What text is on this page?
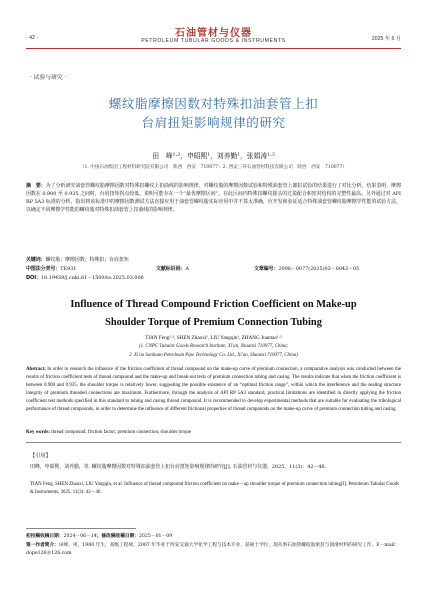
· 42 ·	石油管材与仪器
PETROLEUM TUBULAR GOODS & INSTRUMENTS	2025 年 6 月
· 试验与研究 ·
螺纹脂摩擦因数对特殊扣油套管上扣
台肩扭矩影响规律的研究
田　峰¹·²，申昭熙¹，刘养勤¹，张娟涛¹·²
（1. 中国石油集团工程材料研究院有限公司　陕西　西安　710077；2. 西安三环石油管材科技有限公司　陕西　西安　710077）
摘　要：为了分析研究油套管螺纹脂摩擦因数对特殊扣螺纹上扣曲线的影响规律，对螺纹脂的摩擦因数试验和特殊油套管上卸扣试验的结果进行了对比分析。结果表明，摩擦因数在 0.900 至 0.935 之间时，台肩扭矩拐点较低，说明可能存在一个“最优摩擦区间”。在此区间内特殊扣螺纹接头的过盈配合和密封结构的完整性最高。另外通过对 API RP 5A3 标准的分析，指出将该标准中的摩擦因数测试方法直接应用于油套管螺纹脂实际应用中并不算太准确，应开发和验证适合特殊油套管螺纹脂摩擦学性能的试验方法，以确定不同摩擦学性能的螺纹脂对特殊扣油套管上扣曲线的影响规律。
关键词：螺纹脂；摩擦因数；特殊扣；台肩扭矩
中图法分类号：TE931	文献标识码：A	文章编号：2096－0077(2025)03－0042－05
DOI：10.19459/j.cnki.61－1500/te.2025.03.006
Influence of Thread Compound Friction Coefficient on Make-up
Shoulder Torque of Premium Connection Tubing
TIAN Feng¹·², SHEN Zhaoxi¹, LIU Yangqin¹, ZHANG Juantao¹·²
(1. CNPC Tubular Goods Research Institute, Xi′an, Shaanxi 710077, China;
2. Xi′an Sanhuan Petroleum Pipe Technology Co. Ltd., Xi′an, Shaanxi 710077, China)
Abstract: In order to research the influence of the friction coefficient of thread compound on the make-up curve of premium connection, a comparative analysis was conducted between the results of friction coefficient tests of thread compound and the make-up and break-out tests of premium connection tubing and casing. The results indicate that when the friction coefficient is between 0.900 and 0.935, the shoulder torque is relatively lower, suggesting the possible existence of an “optimal friction range”, within which the interference and the sealing structure integrity of premium threaded connections are maximum. Furthermore, through the analysis of API RP 5A3 standard, practical limitations are identified in directly applying the friction coefficient test methods specified in this standard to tubing and casing thread compound. It is recommended to develop experimental methods that are suitable for evaluating the tribological performance of thread compounds, in order to determine the influence of different frictional properties of thread compounds on the make-up curve of premium connection tubing and casing.
Key words: thread compound; friction factor; premium connection; shoulder torque
【引用】
田峰，申昭熙，刘养勤，等. 螺纹脂摩擦因数对特殊扣油套管上扣台肩扭矩影响规律的研究[J]. 石油管材与仪器，2025，11(3)：42－46.
TIAN Feng, SHEN Zhaoxi, LIU Yangqin, et al. Influence of thread compound friction coefficient on make－up shoulder torque of premium connection tubing[J]. Petroleum Tubular Goods & Instruments, 2025, 11(3): 42－46.
初投稿收稿日期：2024－06－14；修改稿收稿日期：2025－01－09
第一作者简介：田峰，男，1980 年生，高级工程师，2007 年毕业于西安交通大学化学工程与技术专业，获硕士学位，现从事石油管螺纹脂密封与润滑材料的研究工作。E－mail：dope126＠126.com
